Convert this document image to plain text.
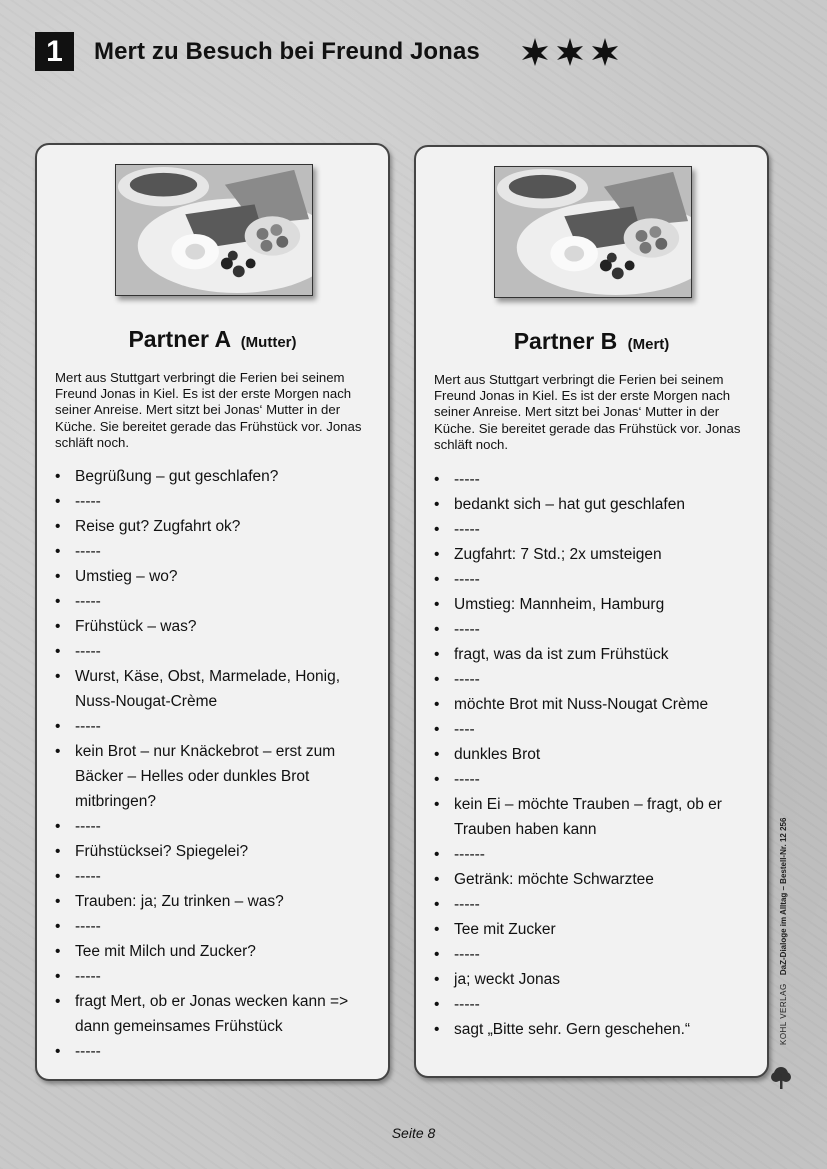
1	Mert zu Besuch bei Freund Jonas
Partner A (Mutter)
Mert aus Stuttgart verbringt die Ferien bei seinem Freund Jonas in Kiel. Es ist der erste Morgen nach seiner Anreise. Mert sitzt bei Jonas‘ Mutter in der Küche. Sie bereitet gerade das Frühstück vor. Jonas schläft noch.
• Begrüßung – gut geschlafen?
• -----
• Reise gut? Zugfahrt ok?
• -----
• Umstieg – wo?
• -----
• Frühstück – was?
• -----
• Wurst, Käse, Obst, Marmelade, Honig, Nuss-Nougat-Crème
• -----
• kein Brot – nur Knäckebrot – erst zum Bäcker – Helles oder dunkles Brot mitbringen?
• -----
• Frühstücksei? Spiegelei?
• -----
• Trauben: ja; Zu trinken – was?
• -----
• Tee mit Milch und Zucker?
• -----
• fragt Mert, ob er Jonas wecken kann => dann gemeinsames Frühstück
• -----
Partner B (Mert)
Mert aus Stuttgart verbringt die Ferien bei seinem Freund Jonas in Kiel. Es ist der erste Morgen nach seiner Anreise. Mert sitzt bei Jonas‘ Mutter in der Küche. Sie bereitet gerade das Frühstück vor. Jonas schläft noch.
• -----
• bedankt sich – hat gut geschlafen
• -----
• Zugfahrt: 7 Std.; 2x umsteigen
• -----
• Umstieg: Mannheim, Hamburg
• -----
• fragt, was da ist zum Frühstück
• -----
• möchte Brot mit Nuss-Nougat Crème
• ----
• dunkles Brot
• -----
• kein Ei – möchte Trauben – fragt, ob er Trauben haben kann
• ------
• Getränk: möchte Schwarztee
• -----
• Tee mit Zucker
• -----
• ja; weckt Jonas
• -----
• sagt „Bitte sehr. Gern geschehen.“	KOHL VERLAG DaZ-Dialoge im Alltag – Bestell-Nr. 12 256
Seite 8
